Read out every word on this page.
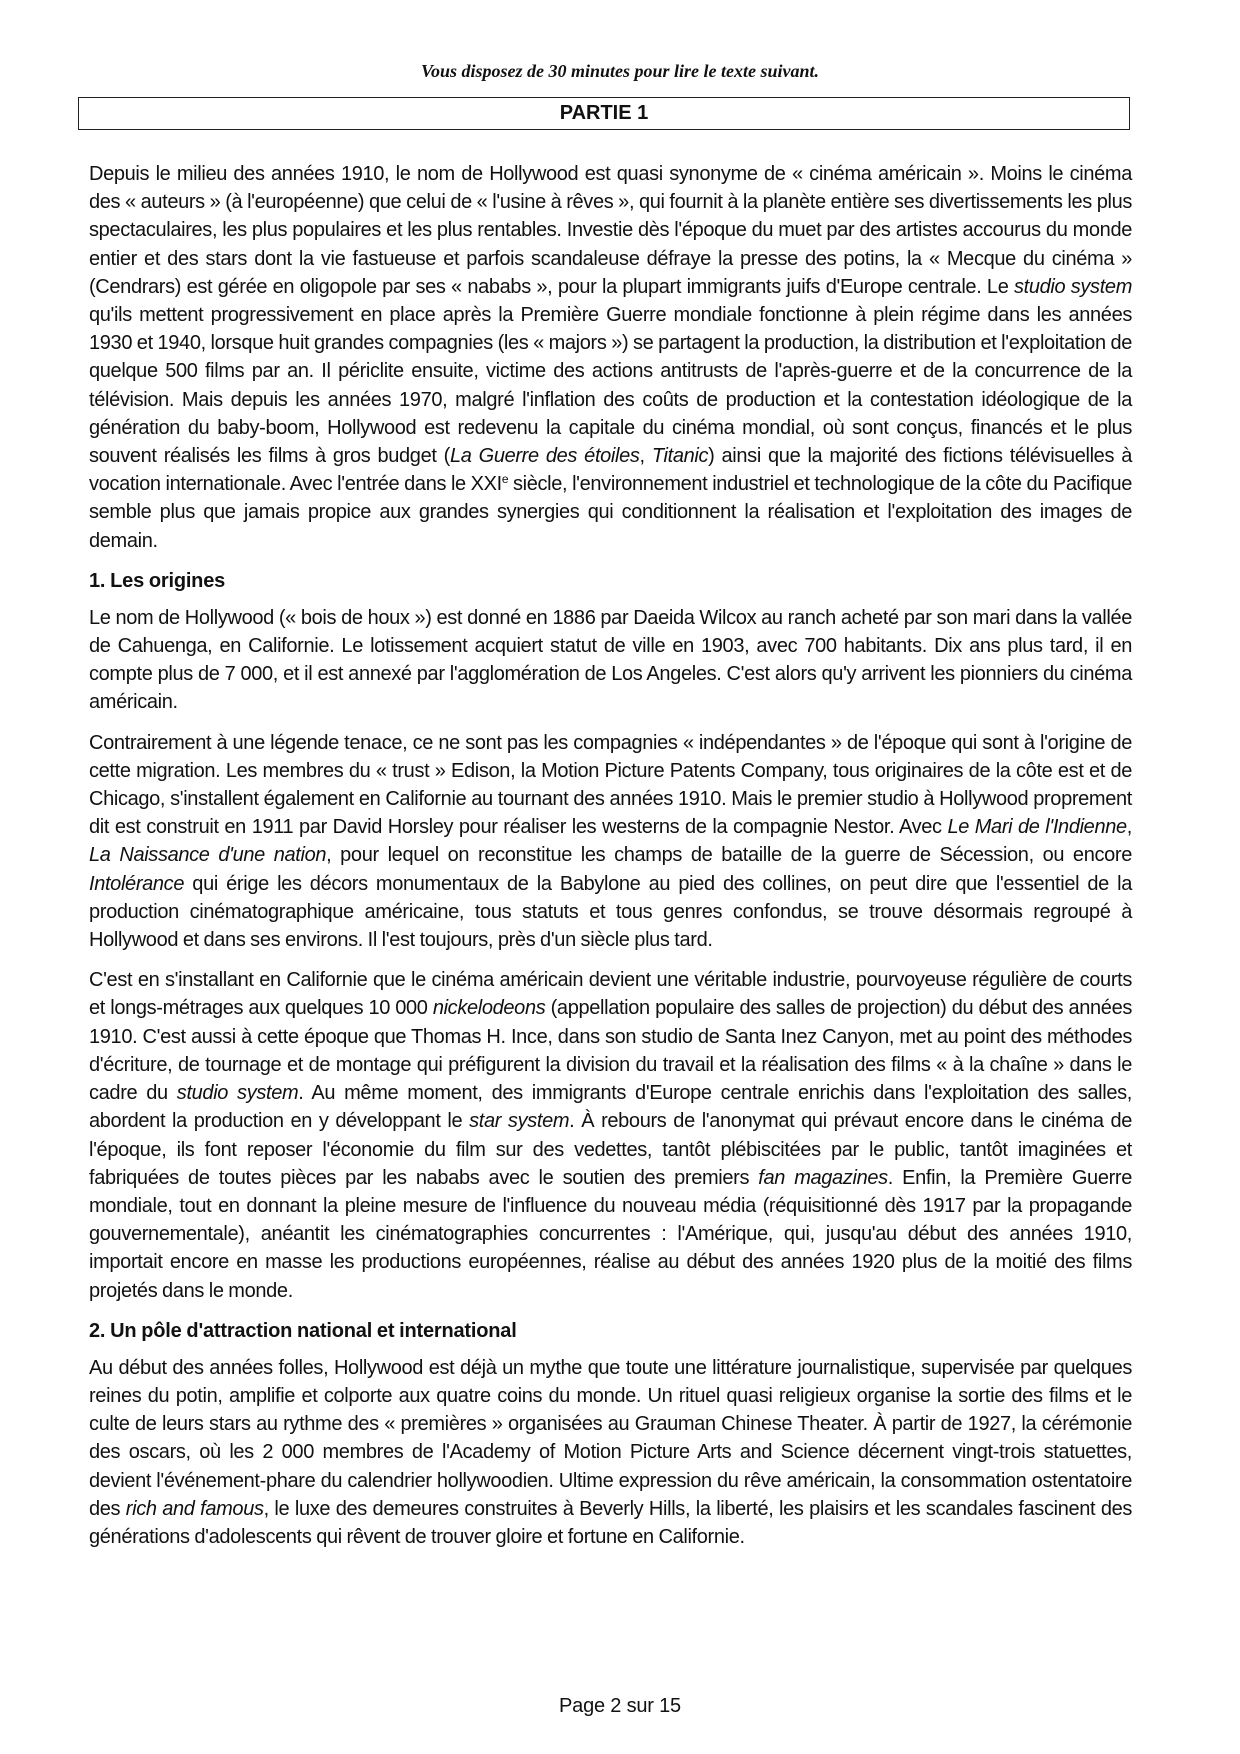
Vous disposez de 30 minutes pour lire le texte suivant.
PARTIE 1

Depuis le milieu des années 1910, le nom de Hollywood est quasi synonyme de « cinéma américain ». Moins le cinéma des « auteurs » (à l'européenne) que celui de « l'usine à rêves », qui fournit à la planète entière ses divertissements les plus spectaculaires, les plus populaires et les plus rentables. Investie dès l'époque du muet par des artistes accourus du monde entier et des stars dont la vie fastueuse et parfois scandaleuse défraye la presse des potins, la « Mecque du cinéma » (Cendrars) est gérée en oligopole par ses « nababs », pour la plupart immigrants juifs d'Europe centrale. Le studio system qu'ils mettent progressivement en place après la Première Guerre mondiale fonctionne à plein régime dans les années 1930 et 1940, lorsque huit grandes compagnies (les « majors ») se partagent la production, la distribution et l'exploitation de quelque 500 films par an. Il périclite ensuite, victime des actions antitrusts de l'après-guerre et de la concurrence de la télévision. Mais depuis les années 1970, malgré l'inflation des coûts de production et la contestation idéologique de la génération du baby-boom, Hollywood est redevenu la capitale du cinéma mondial, où sont conçus, financés et le plus souvent réalisés les films à gros budget (La Guerre des étoiles, Titanic) ainsi que la majorité des fictions télévisuelles à vocation internationale. Avec l'entrée dans le XXIe siècle, l'environnement industriel et technologique de la côte du Pacifique semble plus que jamais propice aux grandes synergies qui conditionnent la réalisation et l'exploitation des images de demain.

1. Les origines

Le nom de Hollywood (« bois de houx ») est donné en 1886 par Daeida Wilcox au ranch acheté par son mari dans la vallée de Cahuenga, en Californie. Le lotissement acquiert statut de ville en 1903, avec 700 habitants. Dix ans plus tard, il en compte plus de 7 000, et il est annexé par l'agglomération de Los Angeles. C'est alors qu'y arrivent les pionniers du cinéma américain.

Contrairement à une légende tenace, ce ne sont pas les compagnies « indépendantes » de l'époque qui sont à l'origine de cette migration. Les membres du « trust » Edison, la Motion Picture Patents Company, tous originaires de la côte est et de Chicago, s'installent également en Californie au tournant des années 1910. Mais le premier studio à Hollywood proprement dit est construit en 1911 par David Horsley pour réaliser les westerns de la compagnie Nestor. Avec Le Mari de l'Indienne, La Naissance d'une nation, pour lequel on reconstitue les champs de bataille de la guerre de Sécession, ou encore Intolérance qui érige les décors monumentaux de la Babylone au pied des collines, on peut dire que l'essentiel de la production cinématographique américaine, tous statuts et tous genres confondus, se trouve désormais regroupé à Hollywood et dans ses environs. Il l'est toujours, près d'un siècle plus tard.

C'est en s'installant en Californie que le cinéma américain devient une véritable industrie, pourvoyeuse régulière de courts et longs-métrages aux quelques 10 000 nickelodeons (appellation populaire des salles de projection) du début des années 1910. C'est aussi à cette époque que Thomas H. Ince, dans son studio de Santa Inez Canyon, met au point des méthodes d'écriture, de tournage et de montage qui préfigurent la division du travail et la réalisation des films « à la chaîne » dans le cadre du studio system. Au même moment, des immigrants d'Europe centrale enrichis dans l'exploitation des salles, abordent la production en y développant le star system. À rebours de l'anonymat qui prévaut encore dans le cinéma de l'époque, ils font reposer l'économie du film sur des vedettes, tantôt plébiscitées par le public, tantôt imaginées et fabriquées de toutes pièces par les nababs avec le soutien des premiers fan magazines. Enfin, la Première Guerre mondiale, tout en donnant la pleine mesure de l'influence du nouveau média (réquisitionné dès 1917 par la propagande gouvernementale), anéantit les cinématographies concurrentes : l'Amérique, qui, jusqu'au début des années 1910, importait encore en masse les productions européennes, réalise au début des années 1920 plus de la moitié des films projetés dans le monde.

2. Un pôle d'attraction national et international

Au début des années folles, Hollywood est déjà un mythe que toute une littérature journalistique, supervisée par quelques reines du potin, amplifie et colporte aux quatre coins du monde. Un rituel quasi religieux organise la sortie des films et le culte de leurs stars au rythme des « premières » organisées au Grauman Chinese Theater. À partir de 1927, la cérémonie des oscars, où les 2 000 membres de l'Academy of Motion Picture Arts and Science décernent vingt-trois statuettes, devient l'événement-phare du calendrier hollywoodien. Ultime expression du rêve américain, la consommation ostentatoire des rich and famous, le luxe des demeures construites à Beverly Hills, la liberté, les plaisirs et les scandales fascinent des générations d'adolescents qui rêvent de trouver gloire et fortune en Californie.

Page 2 sur 15
